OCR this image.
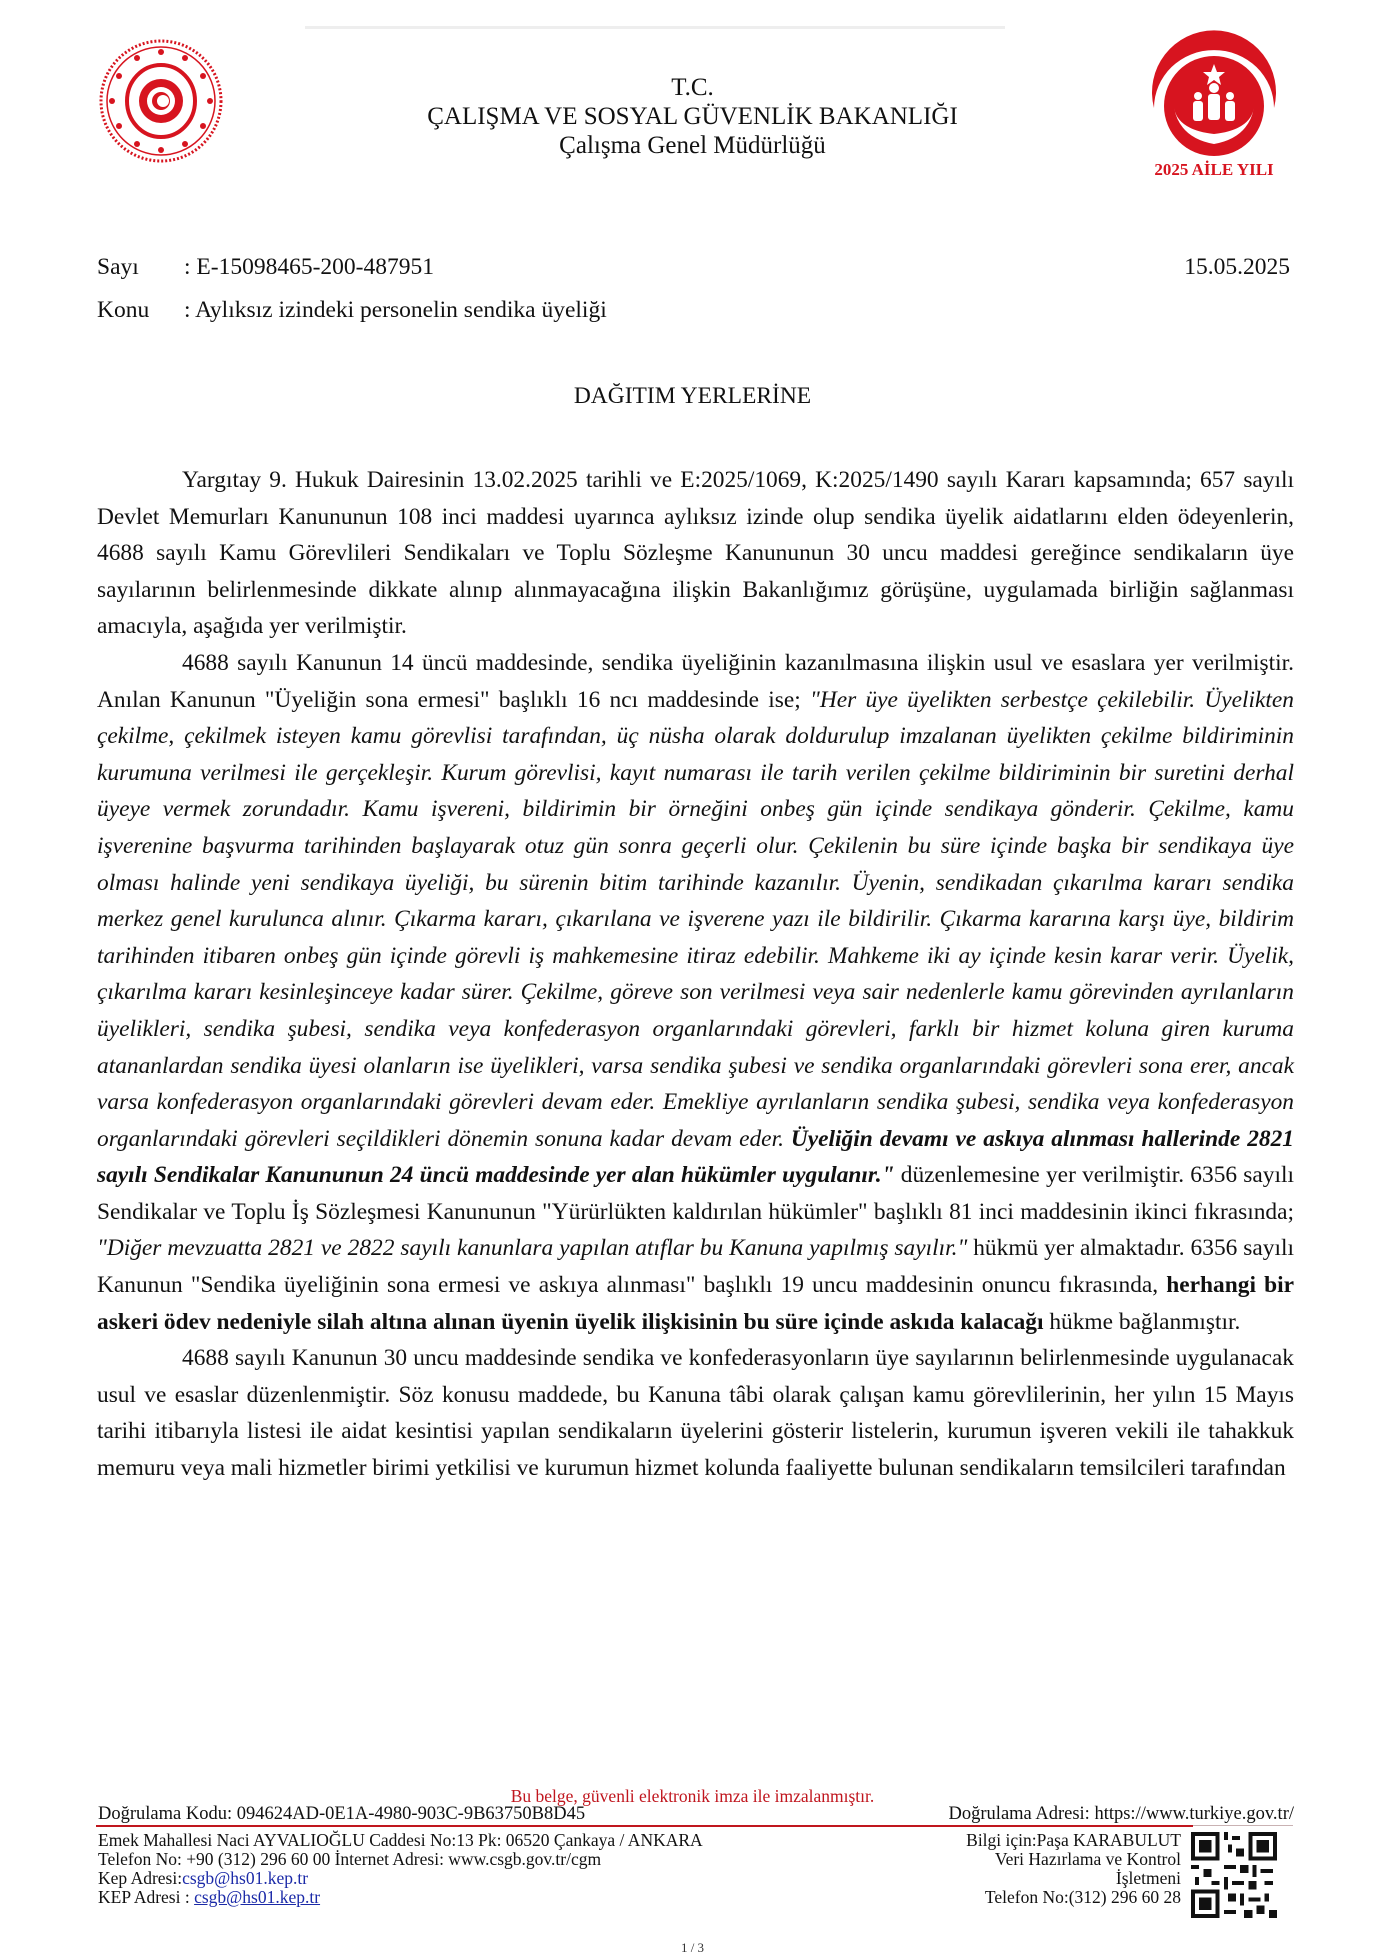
2025 AİLE YILI
T.C.
ÇALIŞMA VE SOSYAL GÜVENLİK BAKANLIĞI
Çalışma Genel Müdürlüğü
Sayı : E-15098465-200-487951	15.05.2025
Konu : Aylıksız izindeki personelin sendika üyeliği
DAĞITIM YERLERİNE

Yargıtay 9. Hukuk Dairesinin 13.02.2025 tarihli ve E:2025/1069, K:2025/1490 sayılı Kararı kapsamında; 657 sayılı Devlet Memurları Kanununun 108 inci maddesi uyarınca aylıksız izinde olup sendika üyelik aidatlarını elden ödeyenlerin, 4688 sayılı Kamu Görevlileri Sendikaları ve Toplu Sözleşme Kanununun 30 uncu maddesi gereğince sendikaların üye sayılarının belirlenmesinde dikkate alınıp alınmayacağına ilişkin Bakanlığımız görüşüne, uygulamada birliğin sağlanması amacıyla, aşağıda yer verilmiştir.

4688 sayılı Kanunun 14 üncü maddesinde, sendika üyeliğinin kazanılmasına ilişkin usul ve esaslara yer verilmiştir. Anılan Kanunun "Üyeliğin sona ermesi" başlıklı 16 ncı maddesinde ise; "Her üye üyelikten serbestçe çekilebilir. Üyelikten çekilme, çekilmek isteyen kamu görevlisi tarafından, üç nüsha olarak doldurulup imzalanan üyelikten çekilme bildiriminin kurumuna verilmesi ile gerçekleşir. Kurum görevlisi, kayıt numarası ile tarih verilen çekilme bildiriminin bir suretini derhal üyeye vermek zorundadır. Kamu işvereni, bildirimin bir örneğini onbeş gün içinde sendikaya gönderir. Çekilme, kamu işverenine başvurma tarihinden başlayarak otuz gün sonra geçerli olur. Çekilenin bu süre içinde başka bir sendikaya üye olması halinde yeni sendikaya üyeliği, bu sürenin bitim tarihinde kazanılır. Üyenin, sendikadan çıkarılma kararı sendika merkez genel kurulunca alınır. Çıkarma kararı, çıkarılana ve işverene yazı ile bildirilir. Çıkarma kararına karşı üye, bildirim tarihinden itibaren onbeş gün içinde görevli iş mahkemesine itiraz edebilir. Mahkeme iki ay içinde kesin karar verir. Üyelik, çıkarılma kararı kesinleşinceye kadar sürer. Çekilme, göreve son verilmesi veya sair nedenlerle kamu görevinden ayrılanların üyelikleri, sendika şubesi, sendika veya konfederasyon organlarındaki görevleri, farklı bir hizmet koluna giren kuruma atananlardan sendika üyesi olanların ise üyelikleri, varsa sendika şubesi ve sendika organlarındaki görevleri sona erer, ancak varsa konfederasyon organlarındaki görevleri devam eder. Emekliye ayrılanların sendika şubesi, sendika veya konfederasyon organlarındaki görevleri seçildikleri dönemin sonuna kadar devam eder. Üyeliğin devamı ve askıya alınması hallerinde 2821 sayılı Sendikalar Kanununun 24 üncü maddesinde yer alan hükümler uygulanır." düzenlemesine yer verilmiştir. 6356 sayılı Sendikalar ve Toplu İş Sözleşmesi Kanununun "Yürürlükten kaldırılan hükümler" başlıklı 81 inci maddesinin ikinci fıkrasında; "Diğer mevzuatta 2821 ve 2822 sayılı kanunlara yapılan atıflar bu Kanuna yapılmış sayılır." hükmü yer almaktadır. 6356 sayılı Kanunun "Sendika üyeliğinin sona ermesi ve askıya alınması" başlıklı 19 uncu maddesinin onuncu fıkrasında, herhangi bir askeri ödev nedeniyle silah altına alınan üyenin üyelik ilişkisinin bu süre içinde askıda kalacağı hükme bağlanmıştır.

4688 sayılı Kanunun 30 uncu maddesinde sendika ve konfederasyonların üye sayılarının belirlenmesinde uygulanacak usul ve esaslar düzenlenmiştir. Söz konusu maddede, bu Kanuna tâbi olarak çalışan kamu görevlilerinin, her yılın 15 Mayıs tarihi itibarıyla listesi ile aidat kesintisi yapılan sendikaların üyelerini gösterir listelerin, kurumun işveren vekili ile tahakkuk memuru veya mali hizmetler birimi yetkilisi ve kurumun hizmet kolunda faaliyette bulunan sendikaların temsilcileri tarafından

Bu belge, güvenli elektronik imza ile imzalanmıştır.
Doğrulama Kodu: 094624AD-0E1A-4980-903C-9B63750B8D45	Doğrulama Adresi: https://www.turkiye.gov.tr/
Emek Mahallesi Naci AYVALIOĞLU Caddesi No:13 Pk: 06520 Çankaya / ANKARA
Telefon No: +90 (312) 296 60 00 İnternet Adresi: www.csgb.gov.tr/cgm
Kep Adresi:csgb@hs01.kep.tr
KEP Adresi : csgb@hs01.kep.tr
Bilgi için:Paşa KARABULUT
Veri Hazırlama ve Kontrol
İşletmeni
Telefon No:(312) 296 60 28
1 / 3
